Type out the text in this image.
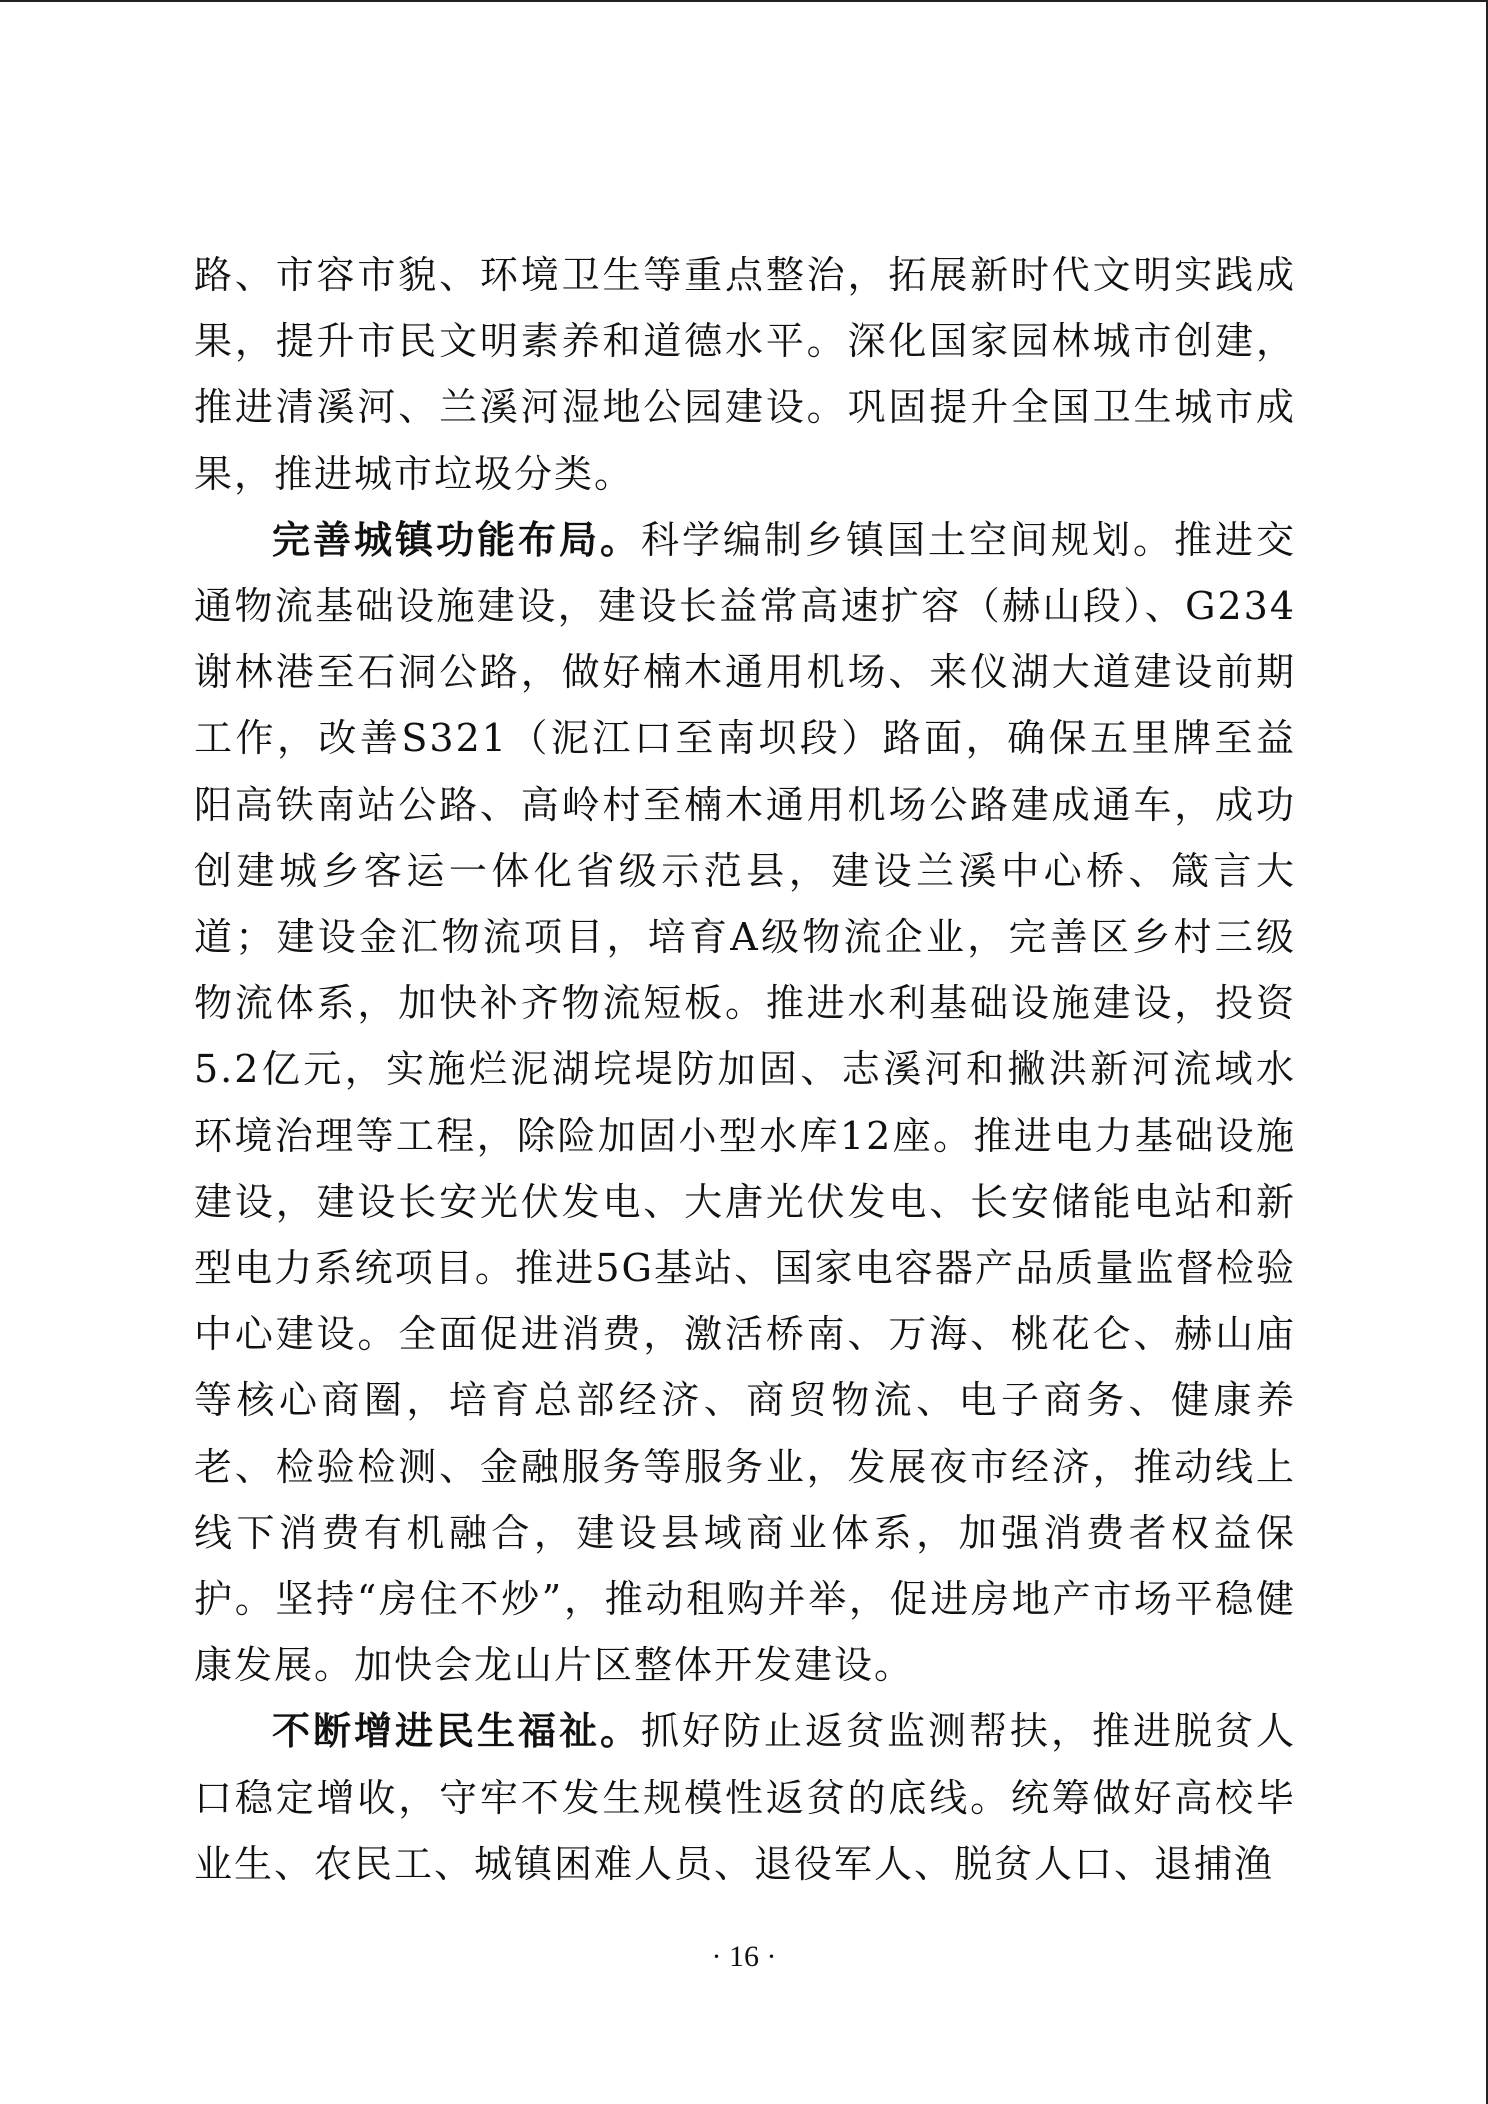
路、市容市貌、环境卫生等重点整治，拓展新时代文明实践成果，提升市民文明素养和道德水平。深化国家园林城市创建，推进清溪河、兰溪河湿地公园建设。巩固提升全国卫生城市成果，推进城市垃圾分类。

完善城镇功能布局。科学编制乡镇国土空间规划。推进交通物流基础设施建设，建设长益常高速扩容（赫山段）、G234谢林港至石洞公路，做好楠木通用机场、来仪湖大道建设前期工作，改善S321（泥江口至南坝段）路面，确保五里牌至益阳高铁南站公路、高岭村至楠木通用机场公路建成通车，成功创建城乡客运一体化省级示范县，建设兰溪中心桥、箴言大道；建设金汇物流项目，培育A级物流企业，完善区乡村三级物流体系，加快补齐物流短板。推进水利基础设施建设，投资5.2亿元，实施烂泥湖垸堤防加固、志溪河和撇洪新河流域水环境治理等工程，除险加固小型水库12座。推进电力基础设施建设，建设长安光伏发电、大唐光伏发电、长安储能电站和新型电力系统项目。推进5G基站、国家电容器产品质量监督检验中心建设。全面促进消费，激活桥南、万海、桃花仑、赫山庙等核心商圈，培育总部经济、商贸物流、电子商务、健康养老、检验检测、金融服务等服务业，发展夜市经济，推动线上线下消费有机融合，建设县域商业体系，加强消费者权益保护。坚持“房住不炒”，推动租购并举，促进房地产市场平稳健康发展。加快会龙山片区整体开发建设。

不断增进民生福祉。抓好防止返贫监测帮扶，推进脱贫人口稳定增收，守牢不发生规模性返贫的底线。统筹做好高校毕业生、农民工、城镇困难人员、退役军人、脱贫人口、退捕渔

· 16 ·
